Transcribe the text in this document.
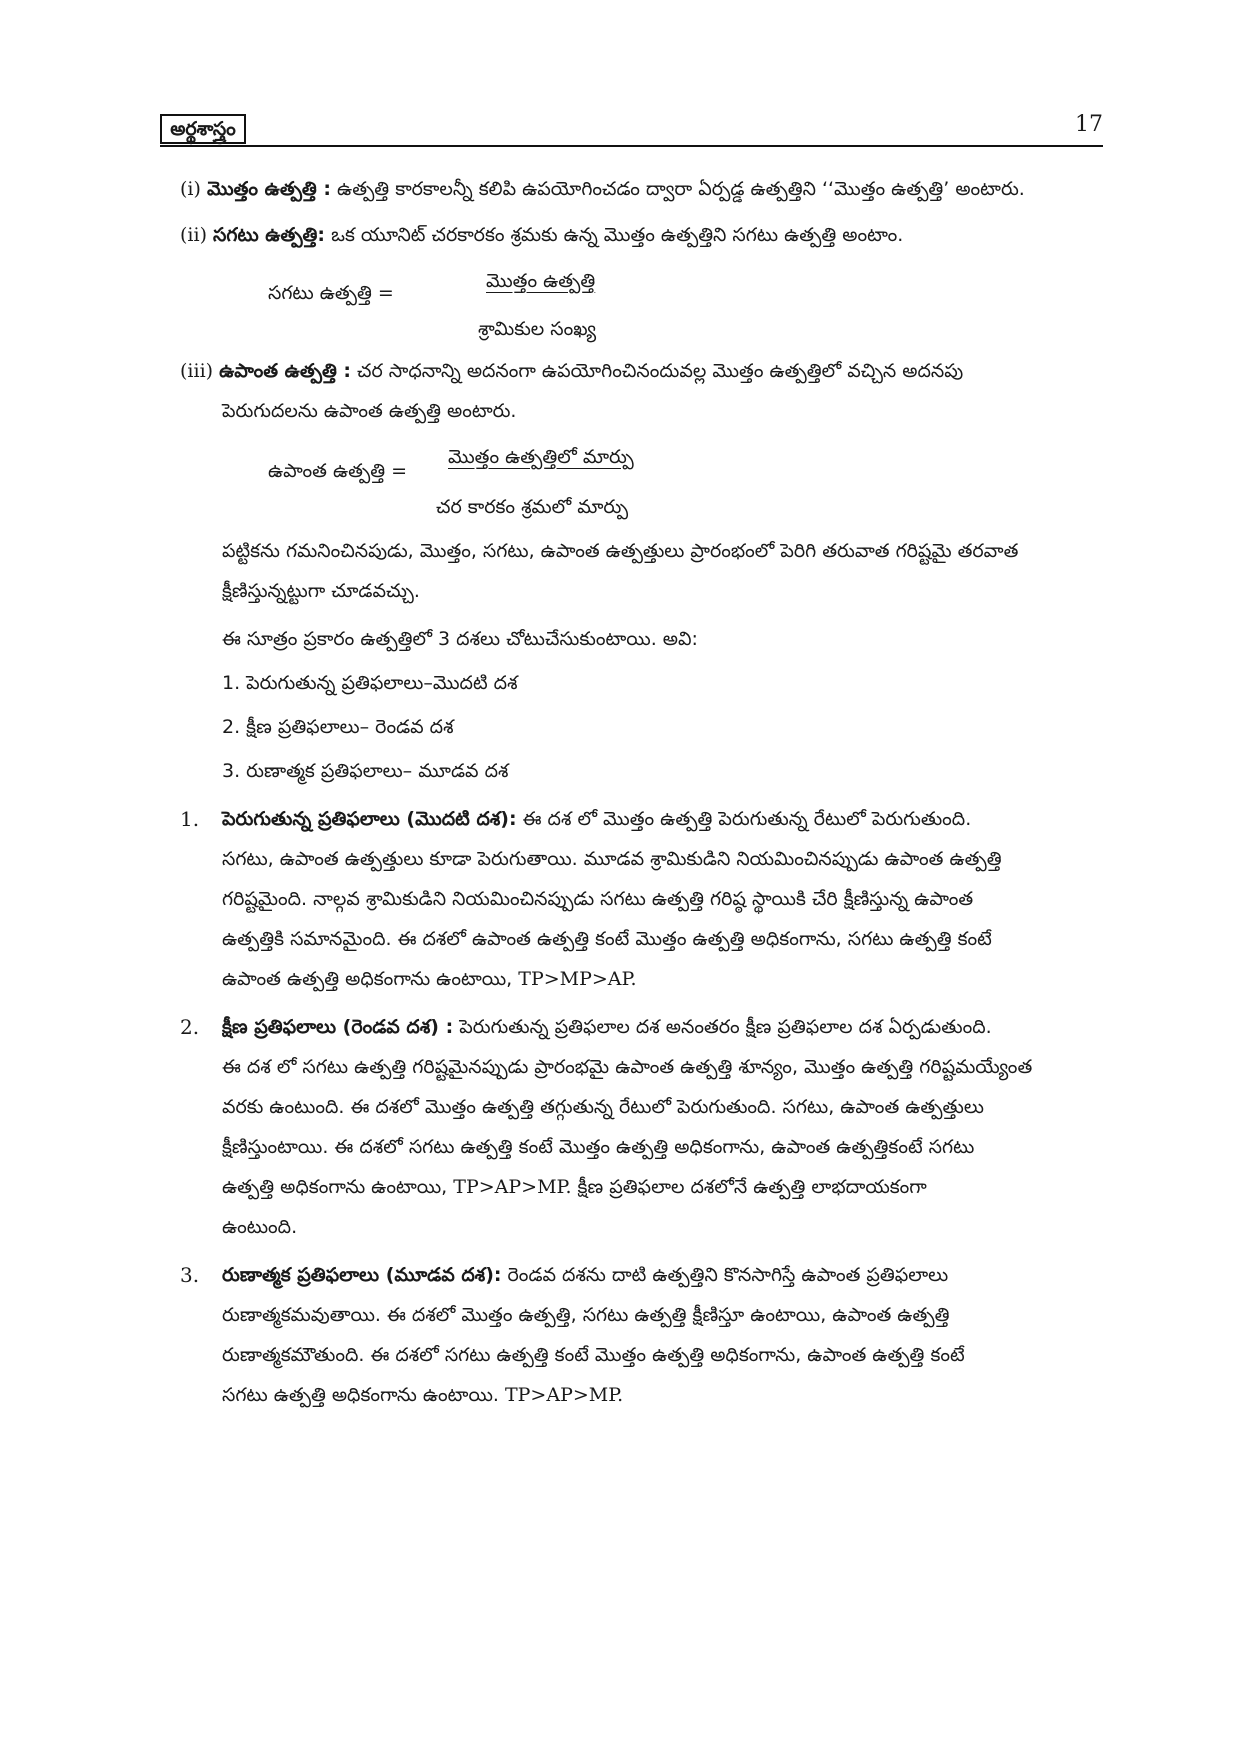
అర్థశాస్త్రం	17
(i) మొత్తం ఉత్పత్తి : ఉత్పత్తి కారకాలన్నీ కలిపి ఉపయోగించడం ద్వారా ఏర్పడ్డ ఉత్పత్తిని ‘‘మొత్తం ఉత్పత్తి’ అంటారు.
(ii) సగటు ఉత్పత్తి: ఒక యూనిట్ చరకారకం శ్రమకు ఉన్న మొత్తం ఉత్పత్తిని సగటు ఉత్పత్తి అంటాం.
సగటు ఉత్పత్తి =
మొత్తం ఉత్పత్తి
శ్రామికుల సంఖ్య
(iii) ఉపాంత ఉత్పత్తి : చర సాధనాన్ని అదనంగా ఉపయోగించినందువల్ల మొత్తం ఉత్పత్తిలో వచ్చిన అదనపు
పెరుగుదలను ఉపాంత ఉత్పత్తి అంటారు.
ఉపాంత ఉత్పత్తి =
మొత్తం ఉత్పత్తిలో మార్పు
చర కారకం శ్రమలో మార్పు
పట్టికను గమనించినపుడు, మొత్తం, సగటు, ఉపాంత ఉత్పత్తులు ప్రారంభంలో పెరిగి తరువాత గరిష్టమై తరవాత
క్షీణిస్తున్నట్టుగా చూడవచ్చు.
ఈ సూత్రం ప్రకారం ఉత్పత్తిలో 3 దశలు చోటుచేసుకుంటాయి. అవి:
1. పెరుగుతున్న ప్రతిఫలాలు–మొదటి దశ
2. క్షీణ ప్రతిఫలాలు– రెండవ దశ
3. రుణాత్మక ప్రతిఫలాలు– మూడవ దశ
1. పెరుగుతున్న ప్రతిఫలాలు (మొదటి దశ): ఈ దశ లో మొత్తం ఉత్పత్తి పెరుగుతున్న రేటులో పెరుగుతుంది.
సగటు, ఉపాంత ఉత్పత్తులు కూడా పెరుగుతాయి. మూడవ శ్రామికుడిని నియమించినప్పుడు ఉపాంత ఉత్పత్తి
గరిష్టమైంది. నాల్గవ శ్రామికుడిని నియమించినప్పుడు సగటు ఉత్పత్తి గరిష్ఠ స్థాయికి చేరి క్షీణిస్తున్న ఉపాంత
ఉత్పత్తికి సమానమైంది. ఈ దశలో ఉపాంత ఉత్పత్తి కంటే మొత్తం ఉత్పత్తి అధికంగాను, సగటు ఉత్పత్తి కంటే
ఉపాంత ఉత్పత్తి అధికంగాను ఉంటాయి, TP>MP>AP.
2. క్షీణ ప్రతిఫలాలు (రెండవ దశ) : పెరుగుతున్న ప్రతిఫలాల దశ అనంతరం క్షీణ ప్రతిఫలాల దశ ఏర్పడుతుంది.
ఈ దశ లో సగటు ఉత్పత్తి గరిష్టమైనప్పుడు ప్రారంభమై ఉపాంత ఉత్పత్తి శూన్యం, మొత్తం ఉత్పత్తి గరిష్టమయ్యేంత
వరకు ఉంటుంది. ఈ దశలో మొత్తం ఉత్పత్తి తగ్గుతున్న రేటులో పెరుగుతుంది. సగటు, ఉపాంత ఉత్పత్తులు
క్షీణిస్తుంటాయి. ఈ దశలో సగటు ఉత్పత్తి కంటే మొత్తం ఉత్పత్తి అధికంగాను, ఉపాంత ఉత్పత్తికంటే సగటు
ఉత్పత్తి అధికంగాను ఉంటాయి, TP>AP>MP. క్షీణ ప్రతిఫలాల దశలోనే ఉత్పత్తి లాభదాయకంగా
ఉంటుంది.
3. రుణాత్మక ప్రతిఫలాలు (మూడవ దశ): రెండవ దశను దాటి ఉత్పత్తిని కొనసాగిస్తే ఉపాంత ప్రతిఫలాలు
రుణాత్మకమవుతాయి. ఈ దశలో మొత్తం ఉత్పత్తి, సగటు ఉత్పత్తి క్షీణిస్తూ ఉంటాయి, ఉపాంత ఉత్పత్తి
రుణాత్మకమౌతుంది. ఈ దశలో సగటు ఉత్పత్తి కంటే మొత్తం ఉత్పత్తి అధికంగాను, ఉపాంత ఉత్పత్తి కంటే
సగటు ఉత్పత్తి అధికంగాను ఉంటాయి. TP>AP>MP.
